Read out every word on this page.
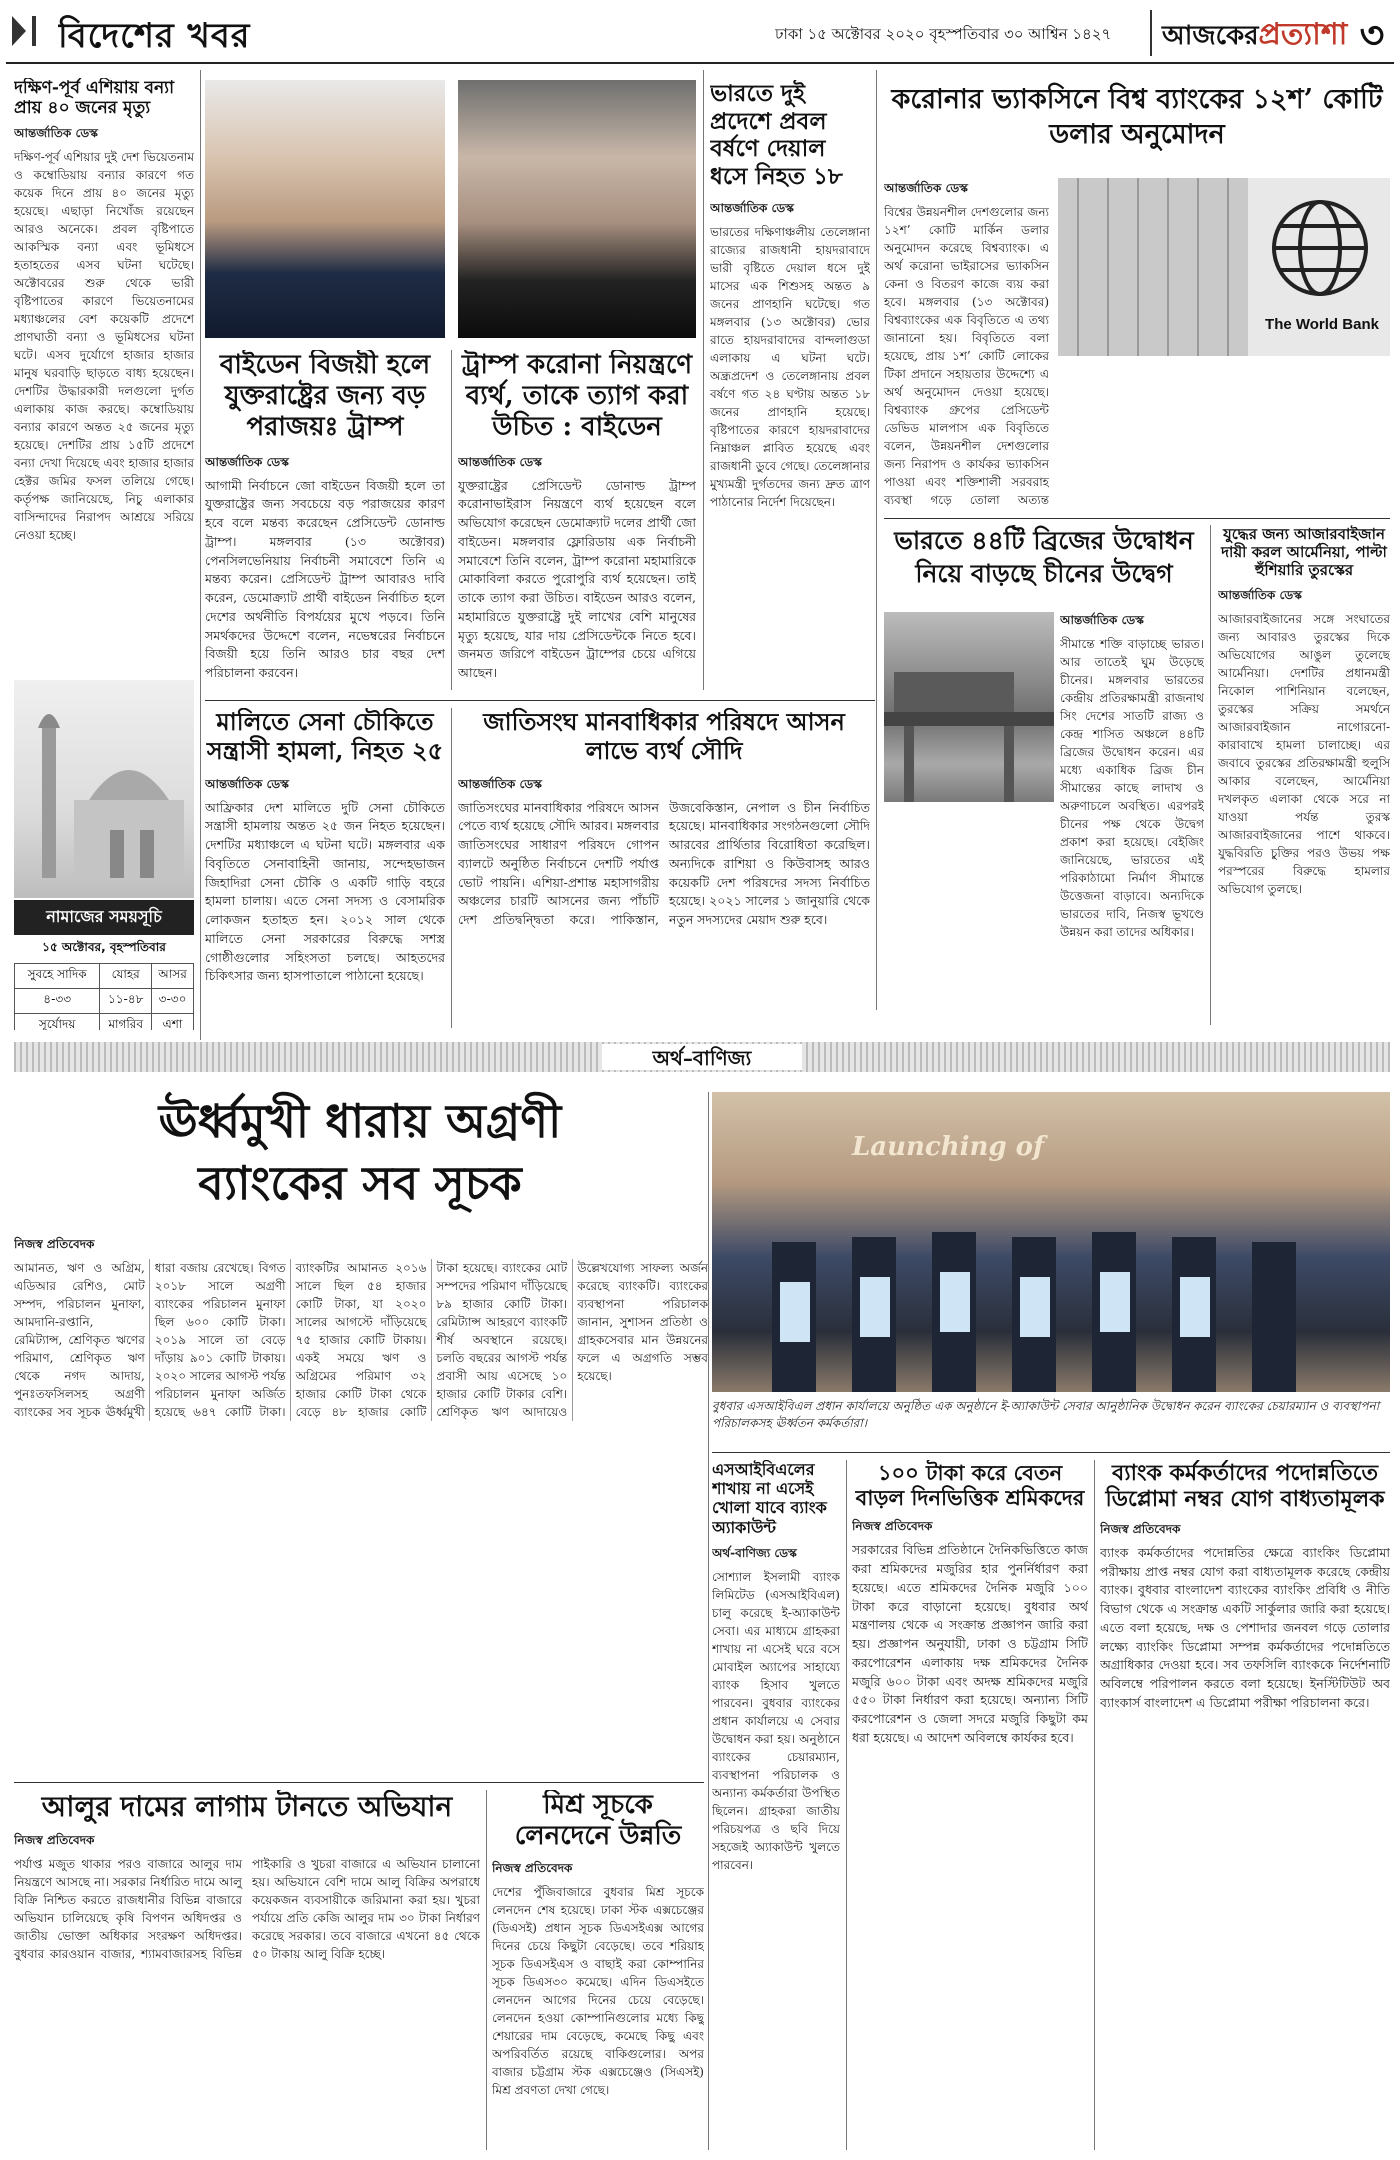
বিদেশের খবর	ঢাকা ১৫ অক্টোবর ২০২০ বৃহস্পতিবার ৩০ আশ্বিন ১৪২৭	আজকেরপ্রত্যাশা ৩
দক্ষিণ-পূর্ব এশিয়ায় বন্যা প্রায় ৪০ জনের মৃত্যু
আন্তর্জাতিক ডেস্ক
দক্ষিণ-পূর্ব এশিয়ার দুই দেশ ভিয়েতনাম ও কম্বোডিয়ায় বন্যার কারণে গত কয়েক দিনে প্রায় ৪০ জনের মৃত্যু হয়েছে। এছাড়া নিখোঁজ রয়েছেন আরও অনেকে। প্রবল বৃষ্টিপাতে আকস্মিক বন্যা এবং ভূমিধসে হতাহতের এসব ঘটনা ঘটেছে। অক্টোবরের শুরু থেকে ভারী বৃষ্টিপাতের কারণে ভিয়েতনামের মধ্যাঞ্চলের বেশ কয়েকটি প্রদেশে প্রাণঘাতী বন্যা ও ভূমিধসের ঘটনা ঘটে। এসব দুর্যোগে হাজার হাজার মানুষ ঘরবাড়ি ছাড়তে বাধ্য হয়েছেন। দেশটির উদ্ধারকারী দলগুলো দুর্গত এলাকায় কাজ করছে। কম্বোডিয়ায় বন্যার কারণে অন্তত ২৫ জনের মৃত্যু হয়েছে। দেশটির প্রায় ১৫টি প্রদেশে বন্যা দেখা দিয়েছে এবং হাজার হাজার হেক্টর জমির ফসল তলিয়ে গেছে। কর্তৃপক্ষ জানিয়েছে, নিচু এলাকার বাসিন্দাদের নিরাপদ আশ্রয়ে সরিয়ে নেওয়া হচ্ছে।
নামাজের সময়সূচি
১৫ অক্টোবর, বৃহস্পতিবার
সুবহে সাদিক	যোহর	আসর
৪-৩৩	১১-৪৮	৩-৩০
সূর্যোদয়	মাগরিব	এশা

বাইডেন বিজয়ী হলে যুক্তরাষ্ট্রের জন্য বড় পরাজয়ঃ ট্রাম্প
আন্তর্জাতিক ডেস্ক
আগামী নির্বাচনে জো বাইডেন বিজয়ী হলে তা যুক্তরাষ্ট্রের জন্য সবচেয়ে বড় পরাজয়ের কারণ হবে বলে মন্তব্য করেছেন প্রেসিডেন্ট ডোনাল্ড ট্রাম্প। মঙ্গলবার (১৩ অক্টোবর) পেনসিলভেনিয়ায় নির্বাচনী সমাবেশে তিনি এ মন্তব্য করেন। প্রেসিডেন্ট ট্রাম্প আবারও দাবি করেন, ডেমোক্র্যাট প্রার্থী বাইডেন নির্বাচিত হলে দেশের অর্থনীতি বিপর্যয়ের মুখে পড়বে। তিনি সমর্থকদের উদ্দেশে বলেন, নভেম্বরের নির্বাচনে বিজয়ী হয়ে তিনি আরও চার বছর দেশ পরিচালনা করবেন।
ট্রাম্প করোনা নিয়ন্ত্রণে ব্যর্থ, তাকে ত্যাগ করা উচিত : বাইডেন
আন্তর্জাতিক ডেস্ক
যুক্তরাষ্ট্রের প্রেসিডেন্ট ডোনাল্ড ট্রাম্প করোনাভাইরাস নিয়ন্ত্রণে ব্যর্থ হয়েছেন বলে অভিযোগ করেছেন ডেমোক্র্যাট দলের প্রার্থী জো বাইডেন। মঙ্গলবার ফ্লোরিডায় এক নির্বাচনী সমাবেশে তিনি বলেন, ট্রাম্প করোনা মহামারিকে মোকাবিলা করতে পুরোপুরি ব্যর্থ হয়েছেন। তাই তাকে ত্যাগ করা উচিত। বাইডেন আরও বলেন, মহামারিতে যুক্তরাষ্ট্রে দুই লাখের বেশি মানুষের মৃত্যু হয়েছে, যার দায় প্রেসিডেন্টকে নিতে হবে। জনমত জরিপে বাইডেন ট্রাম্পের চেয়ে এগিয়ে আছেন।
ভারতে দুই প্রদেশে প্রবল বর্ষণে দেয়াল ধসে নিহত ১৮
আন্তর্জাতিক ডেস্ক
ভারতের দক্ষিণাঞ্চলীয় তেলেঙ্গানা রাজ্যের রাজধানী হায়দরাবাদে ভারী বৃষ্টিতে দেয়াল ধসে দুই মাসের এক শিশুসহ অন্তত ৯ জনের প্রাণহানি ঘটেছে। গত মঙ্গলবার (১৩ অক্টোবর) ভোর রাতে হায়দরাবাদের বান্দলাগুডা এলাকায় এ ঘটনা ঘটে। অন্ধ্রপ্রদেশ ও তেলেঙ্গানায় প্রবল বর্ষণে গত ২৪ ঘণ্টায় অন্তত ১৮ জনের প্রাণহানি হয়েছে। বৃষ্টিপাতের কারণে হায়দরাবাদের নিম্নাঞ্চল প্লাবিত হয়েছে এবং রাজধানী ডুবে গেছে। তেলেঙ্গানার মুখ্যমন্ত্রী দুর্গতদের জন্য দ্রুত ত্রাণ পাঠানোর নির্দেশ দিয়েছেন।
করোনার ভ্যাকসিনে বিশ্ব ব্যাংকের ১২শ’ কোটি ডলার অনুমোদন
আন্তর্জাতিক ডেস্ক
বিশ্বের উন্নয়নশীল দেশগুলোর জন্য ১২শ’ কোটি মার্কিন ডলার অনুমোদন করেছে বিশ্বব্যাংক। এ অর্থ করোনা ভাইরাসের ভ্যাকসিন কেনা ও বিতরণ কাজে ব্যয় করা হবে। মঙ্গলবার (১৩ অক্টোবর) বিশ্বব্যাংকের এক বিবৃতিতে এ তথ্য জানানো হয়। বিবৃতিতে বলা হয়েছে, প্রায় ১শ’ কোটি লোকের টিকা প্রদানে সহায়তার উদ্দেশ্যে এ অর্থ অনুমোদন দেওয়া হয়েছে। বিশ্বব্যাংক গ্রুপের প্রেসিডেন্ট ডেভিড মালপাস এক বিবৃতিতে বলেন, উন্নয়নশীল দেশগুলোর জন্য নিরাপদ ও কার্যকর ভ্যাকসিন পাওয়া এবং শক্তিশালী সরবরাহ ব্যবস্থা গড়ে তোলা অত্যন্ত
The World Bank
ভারতে ৪৪টি ব্রিজের উদ্বোধন নিয়ে বাড়ছে চীনের উদ্বেগ
আন্তর্জাতিক ডেস্ক
সীমান্তে শক্তি বাড়াচ্ছে ভারত। আর তাতেই ঘুম উড়েছে চীনের। মঙ্গলবার ভারতের কেন্দ্রীয় প্রতিরক্ষামন্ত্রী রাজনাথ সিং দেশের সাতটি রাজ্য ও কেন্দ্র শাসিত অঞ্চলে ৪৪টি ব্রিজের উদ্বোধন করেন। এর মধ্যে একাধিক ব্রিজ চীন সীমান্তের কাছে লাদাখ ও অরুণাচলে অবস্থিত। এরপরই চীনের পক্ষ থেকে উদ্বেগ প্রকাশ করা হয়েছে। বেইজিং জানিয়েছে, ভারতের এই পরিকাঠামো নির্মাণ সীমান্তে উত্তেজনা বাড়াবে। অন্যদিকে ভারতের দাবি, নিজস্ব ভূখণ্ডে উন্নয়ন করা তাদের অধিকার।
যুদ্ধের জন্য আজারবাইজান দায়ী করল আর্মেনিয়া, পাল্টা হুঁশিয়ারি তুরস্কের
আন্তর্জাতিক ডেস্ক
আজারবাইজানের সঙ্গে সংঘাতের জন্য আবারও তুরস্কের দিকে অভিযোগের আঙুল তুলেছে আর্মেনিয়া। দেশটির প্রধানমন্ত্রী নিকোল পাশিনিয়ান বলেছেন, তুরস্কের সক্রিয় সমর্থনে আজারবাইজান নাগোরনো-কারাবাখে হামলা চালাচ্ছে। এর জবাবে তুরস্কের প্রতিরক্ষামন্ত্রী হুলুসি আকার বলেছেন, আর্মেনিয়া দখলকৃত এলাকা থেকে সরে না যাওয়া পর্যন্ত তুরস্ক আজারবাইজানের পাশে থাকবে। যুদ্ধবিরতি চুক্তির পরও উভয় পক্ষ পরস্পরের বিরুদ্ধে হামলার অভিযোগ তুলছে।
মালিতে সেনা চৌকিতে সন্ত্রাসী হামলা, নিহত ২৫
আন্তর্জাতিক ডেস্ক
আফ্রিকার দেশ মালিতে দুটি সেনা চৌকিতে সন্ত্রাসী হামলায় অন্তত ২৫ জন নিহত হয়েছেন। দেশটির মধ্যাঞ্চলে এ ঘটনা ঘটে। মঙ্গলবার এক বিবৃতিতে সেনাবাহিনী জানায়, সন্দেহভাজন জিহাদিরা সেনা চৌকি ও একটি গাড়ি বহরে হামলা চালায়। এতে সেনা সদস্য ও বেসামরিক লোকজন হতাহত হন। ২০১২ সাল থেকে মালিতে সেনা সরকারের বিরুদ্ধে সশস্ত্র গোষ্ঠীগুলোর সহিংসতা চলছে। আহতদের চিকিৎসার জন্য হাসপাতালে পাঠানো হয়েছে।
জাতিসংঘ মানবাধিকার পরিষদে আসন লাভে ব্যর্থ সৌদি
আন্তর্জাতিক ডেস্ক
জাতিসংঘের মানবাধিকার পরিষদে আসন পেতে ব্যর্থ হয়েছে সৌদি আরব। মঙ্গলবার জাতিসংঘের সাধারণ পরিষদে গোপন ব্যালটে অনুষ্ঠিত নির্বাচনে দেশটি পর্যাপ্ত ভোট পায়নি। এশিয়া-প্রশান্ত মহাসাগরীয় অঞ্চলের চারটি আসনের জন্য পাঁচটি দেশ প্রতিদ্বন্দ্বিতা করে। পাকিস্তান, উজবেকিস্তান, নেপাল ও চীন নির্বাচিত হয়েছে। মানবাধিকার সংগঠনগুলো সৌদি আরবের প্রার্থিতার বিরোধিতা করেছিল। অন্যদিকে রাশিয়া ও কিউবাসহ আরও কয়েকটি দেশ পরিষদের সদস্য নির্বাচিত হয়েছে। ২০২১ সালের ১ জানুয়ারি থেকে নতুন সদস্যদের মেয়াদ শুরু হবে।
অর্থ–বাণিজ্য
ঊর্ধ্বমুখী ধারায় অগ্রণী ব্যাংকের সব সূচক
নিজস্ব প্রতিবেদক
আমানত, ঋণ ও অগ্রিম, এডিআর রেশিও, মোট সম্পদ, পরিচালন মুনাফা, আমদানি-রপ্তানি, রেমিট্যান্স, শ্রেণিকৃত ঋণের পরিমাণ, শ্রেণিকৃত ঋণ থেকে নগদ আদায়, পুনঃতফসিলসহ অগ্রণী ব্যাংকের সব সূচক ঊর্ধ্বমুখী ধারা বজায় রেখেছে। বিগত ২০১৮ সালে অগ্রণী ব্যাংকের পরিচালন মুনাফা ছিল ৬০০ কোটি টাকা। ২০১৯ সালে তা বেড়ে দাঁড়ায় ৯০১ কোটি টাকায়। ২০২০ সালের আগস্ট পর্যন্ত পরিচালন মুনাফা অর্জিত হয়েছে ৬৪৭ কোটি টাকা। ব্যাংকটির আমানত ২০১৬ সালে ছিল ৫৪ হাজার কোটি টাকা, যা ২০২০ সালের আগস্টে দাঁড়িয়েছে ৭৫ হাজার কোটি টাকায়। একই সময়ে ঋণ ও অগ্রিমের পরিমাণ ৩২ হাজার কোটি টাকা থেকে বেড়ে ৪৮ হাজার কোটি টাকা হয়েছে। ব্যাংকের মোট সম্পদের পরিমাণ দাঁড়িয়েছে ৮৯ হাজার কোটি টাকা। রেমিট্যান্স আহরণে ব্যাংকটি শীর্ষ অবস্থানে রয়েছে। চলতি বছরের আগস্ট পর্যন্ত প্রবাসী আয় এসেছে ১০ হাজার কোটি টাকার বেশি। শ্রেণিকৃত ঋণ আদায়েও উল্লেখযোগ্য সাফল্য অর্জন করেছে ব্যাংকটি। ব্যাংকের ব্যবস্থাপনা পরিচালক জানান, সুশাসন প্রতিষ্ঠা ও গ্রাহকসেবার মান উন্নয়নের ফলে এ অগ্রগতি সম্ভব হয়েছে।
Launching of
বুধবার এসআইবিএল প্রধান কার্যালয়ে অনুষ্ঠিত এক অনুষ্ঠানে ই-অ্যাকাউন্ট সেবার আনুষ্ঠানিক উদ্বোধন করেন ব্যাংকের চেয়ারম্যান ও ব্যবস্থাপনা পরিচালকসহ ঊর্ধ্বতন কর্মকর্তারা।
এসআইবিএলের শাখায় না এসেই খোলা যাবে ব্যাংক অ্যাকাউন্ট
অর্থ-বাণিজ্য ডেস্ক
সোশ্যাল ইসলামী ব্যাংক লিমিটেড (এসআইবিএল) চালু করেছে ই-অ্যাকাউন্ট সেবা। এর মাধ্যমে গ্রাহকরা শাখায় না এসেই ঘরে বসে মোবাইল অ্যাপের সাহায্যে ব্যাংক হিসাব খুলতে পারবেন। বুধবার ব্যাংকের প্রধান কার্যালয়ে এ সেবার উদ্বোধন করা হয়। অনুষ্ঠানে ব্যাংকের চেয়ারম্যান, ব্যবস্থাপনা পরিচালক ও অন্যান্য কর্মকর্তারা উপস্থিত ছিলেন। গ্রাহকরা জাতীয় পরিচয়পত্র ও ছবি দিয়ে সহজেই অ্যাকাউন্ট খুলতে পারবেন।
১০০ টাকা করে বেতন বাড়ল দিনভিত্তিক শ্রমিকদের
নিজস্ব প্রতিবেদক
সরকারের বিভিন্ন প্রতিষ্ঠানে দৈনিকভিত্তিতে কাজ করা শ্রমিকদের মজুরির হার পুনর্নির্ধারণ করা হয়েছে। এতে শ্রমিকদের দৈনিক মজুরি ১০০ টাকা করে বাড়ানো হয়েছে। বুধবার অর্থ মন্ত্রণালয় থেকে এ সংক্রান্ত প্রজ্ঞাপন জারি করা হয়। প্রজ্ঞাপন অনুযায়ী, ঢাকা ও চট্টগ্রাম সিটি করপোরেশন এলাকায় দক্ষ শ্রমিকদের দৈনিক মজুরি ৬০০ টাকা এবং অদক্ষ শ্রমিকদের মজুরি ৫৫০ টাকা নির্ধারণ করা হয়েছে। অন্যান্য সিটি করপোরেশন ও জেলা সদরে মজুরি কিছুটা কম ধরা হয়েছে। এ আদেশ অবিলম্বে কার্যকর হবে।
ব্যাংক কর্মকর্তাদের পদোন্নতিতে ডিপ্লোমা নম্বর যোগ বাধ্যতামূলক
নিজস্ব প্রতিবেদক
ব্যাংক কর্মকর্তাদের পদোন্নতির ক্ষেত্রে ব্যাংকিং ডিপ্লোমা পরীক্ষায় প্রাপ্ত নম্বর যোগ করা বাধ্যতামূলক করেছে কেন্দ্রীয় ব্যাংক। বুধবার বাংলাদেশ ব্যাংকের ব্যাংকিং প্রবিধি ও নীতি বিভাগ থেকে এ সংক্রান্ত একটি সার্কুলার জারি করা হয়েছে। এতে বলা হয়েছে, দক্ষ ও পেশাদার জনবল গড়ে তোলার লক্ষ্যে ব্যাংকিং ডিপ্লোমা সম্পন্ন কর্মকর্তাদের পদোন্নতিতে অগ্রাধিকার দেওয়া হবে। সব তফসিলি ব্যাংককে নির্দেশনাটি অবিলম্বে পরিপালন করতে বলা হয়েছে। ইনস্টিটিউট অব ব্যাংকার্স বাংলাদেশ এ ডিপ্লোমা পরীক্ষা পরিচালনা করে।
আলুর দামের লাগাম টানতে অভিযান
নিজস্ব প্রতিবেদক
পর্যাপ্ত মজুত থাকার পরও বাজারে আলুর দাম নিয়ন্ত্রণে আসছে না। সরকার নির্ধারিত দামে আলু বিক্রি নিশ্চিত করতে রাজধানীর বিভিন্ন বাজারে অভিযান চালিয়েছে কৃষি বিপণন অধিদপ্তর ও জাতীয় ভোক্তা অধিকার সংরক্ষণ অধিদপ্তর। বুধবার কারওয়ান বাজার, শ্যামবাজারসহ বিভিন্ন পাইকারি ও খুচরা বাজারে এ অভিযান চালানো হয়। অভিযানে বেশি দামে আলু বিক্রির অপরাধে কয়েকজন ব্যবসায়ীকে জরিমানা করা হয়। খুচরা পর্যায়ে প্রতি কেজি আলুর দাম ৩০ টাকা নির্ধারণ করেছে সরকার। তবে বাজারে এখনো ৪৫ থেকে ৫০ টাকায় আলু বিক্রি হচ্ছে।
মিশ্র সূচকে লেনদেনে উন্নতি
নিজস্ব প্রতিবেদক
দেশের পুঁজিবাজারে বুধবার মিশ্র সূচকে লেনদেন শেষ হয়েছে। ঢাকা স্টক এক্সচেঞ্জের (ডিএসই) প্রধান সূচক ডিএসইএক্স আগের দিনের চেয়ে কিছুটা বেড়েছে। তবে শরিয়াহ সূচক ডিএসইএস ও বাছাই করা কোম্পানির সূচক ডিএস৩০ কমেছে। এদিন ডিএসইতে লেনদেন আগের দিনের চেয়ে বেড়েছে। লেনদেন হওয়া কোম্পানিগুলোর মধ্যে কিছু শেয়ারের দাম বেড়েছে, কমেছে কিছু এবং অপরিবর্তিত রয়েছে বাকিগুলোর। অপর বাজার চট্টগ্রাম স্টক এক্সচেঞ্জেও (সিএসই) মিশ্র প্রবণতা দেখা গেছে।
